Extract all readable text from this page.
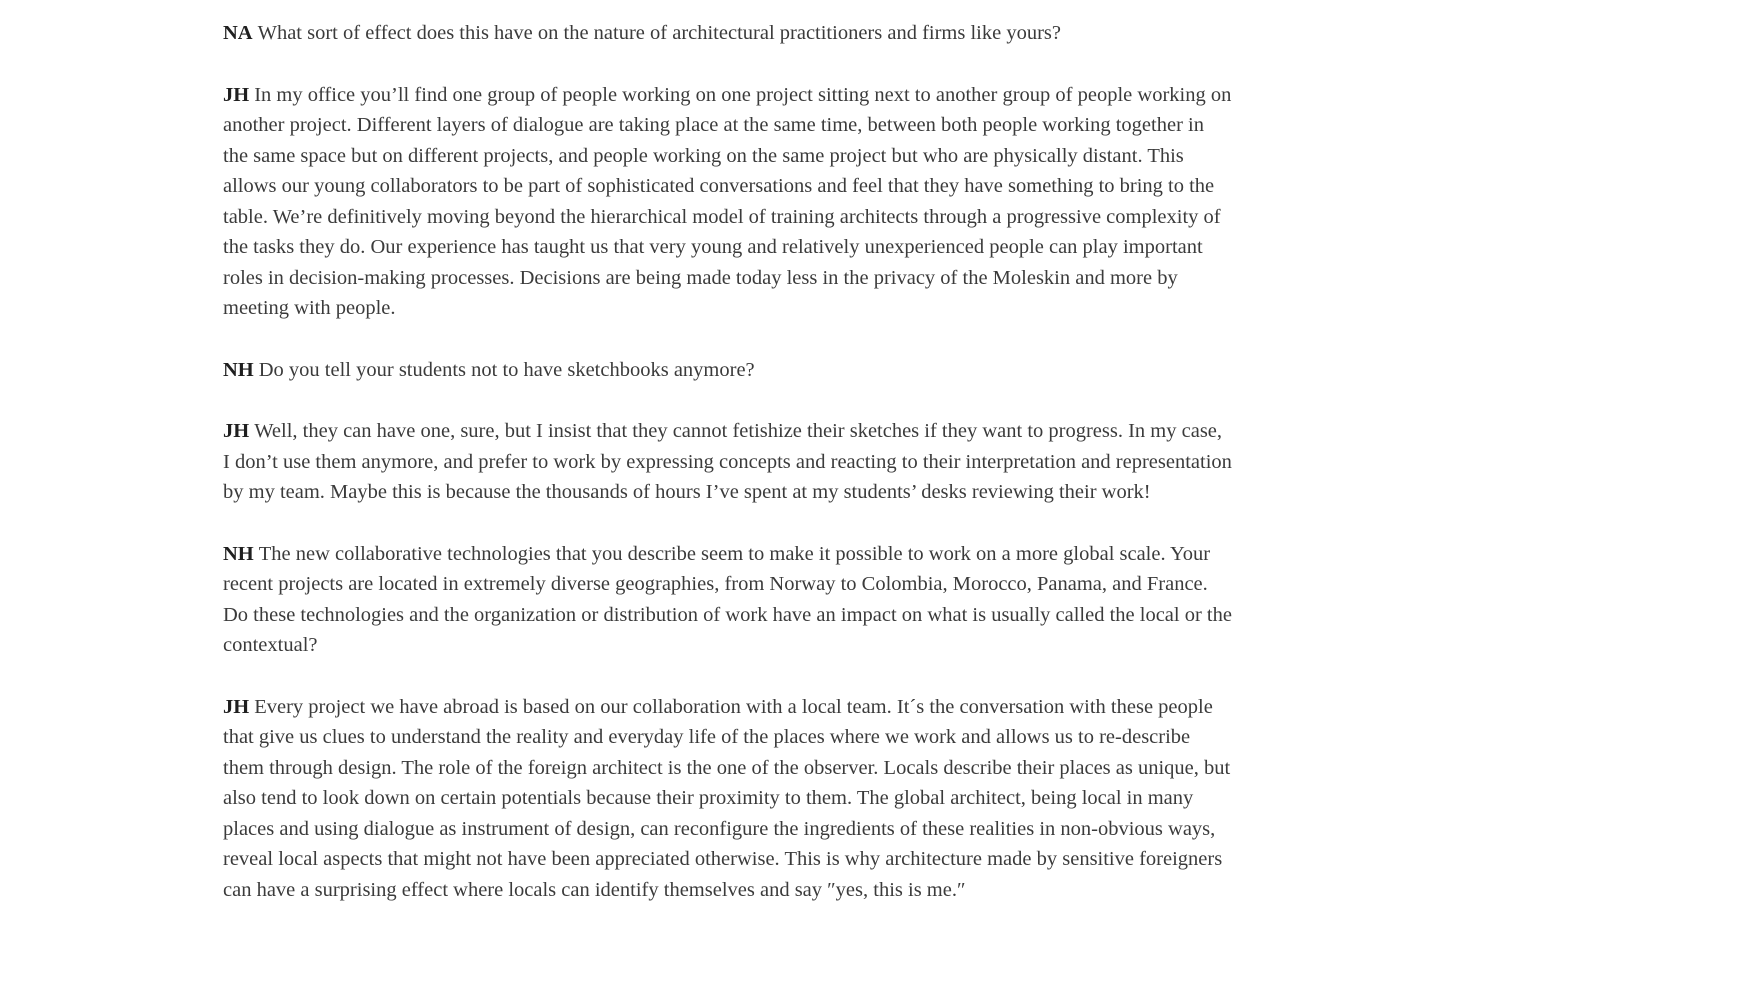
NA What sort of effect does this have on the nature of architectural practitioners and firms like yours?

JH In my office you’ll find one group of people working on one project sitting next to another group of people working on another project. Different layers of dialogue are taking place at the same time, between both people working together in the same space but on different projects, and people working on the same project but who are physically distant. This allows our young collaborators to be part of sophisticated conversations and feel that they have something to bring to the table. We’re definitively moving beyond the hierarchical model of training architects through a progressive complexity of the tasks they do. Our experience has taught us that very young and relatively unexperienced people can play important roles in decision-making processes. Decisions are being made today less in the privacy of the Moleskin and more by meeting with people.

NH Do you tell your students not to have sketchbooks anymore?

JH Well, they can have one, sure, but I insist that they cannot fetishize their sketches if they want to progress. In my case, I don’t use them anymore, and prefer to work by expressing concepts and reacting to their interpretation and representation by my team. Maybe this is because the thousands of hours I’ve spent at my students’ desks reviewing their work!

NH The new collaborative technologies that you describe seem to make it possible to work on a more global scale. Your recent projects are located in extremely diverse geographies, from Norway to Colombia, Morocco, Panama, and France. Do these technologies and the organization or distribution of work have an impact on what is usually called the local or the contextual?

JH Every project we have abroad is based on our collaboration with a local team. It´s the conversation with these people that give us clues to understand the reality and everyday life of the places where we work and allows us to re-describe them through design. The role of the foreign architect is the one of the observer. Locals describe their places as unique, but also tend to look down on certain potentials because their proximity to them. The global architect, being local in many places and using dialogue as instrument of design, can reconfigure the ingredients of these realities in non-obvious ways, reveal local aspects that might not have been appreciated otherwise. This is why architecture made by sensitive foreigners can have a surprising effect where locals can identify themselves and say ″yes, this is me.″
